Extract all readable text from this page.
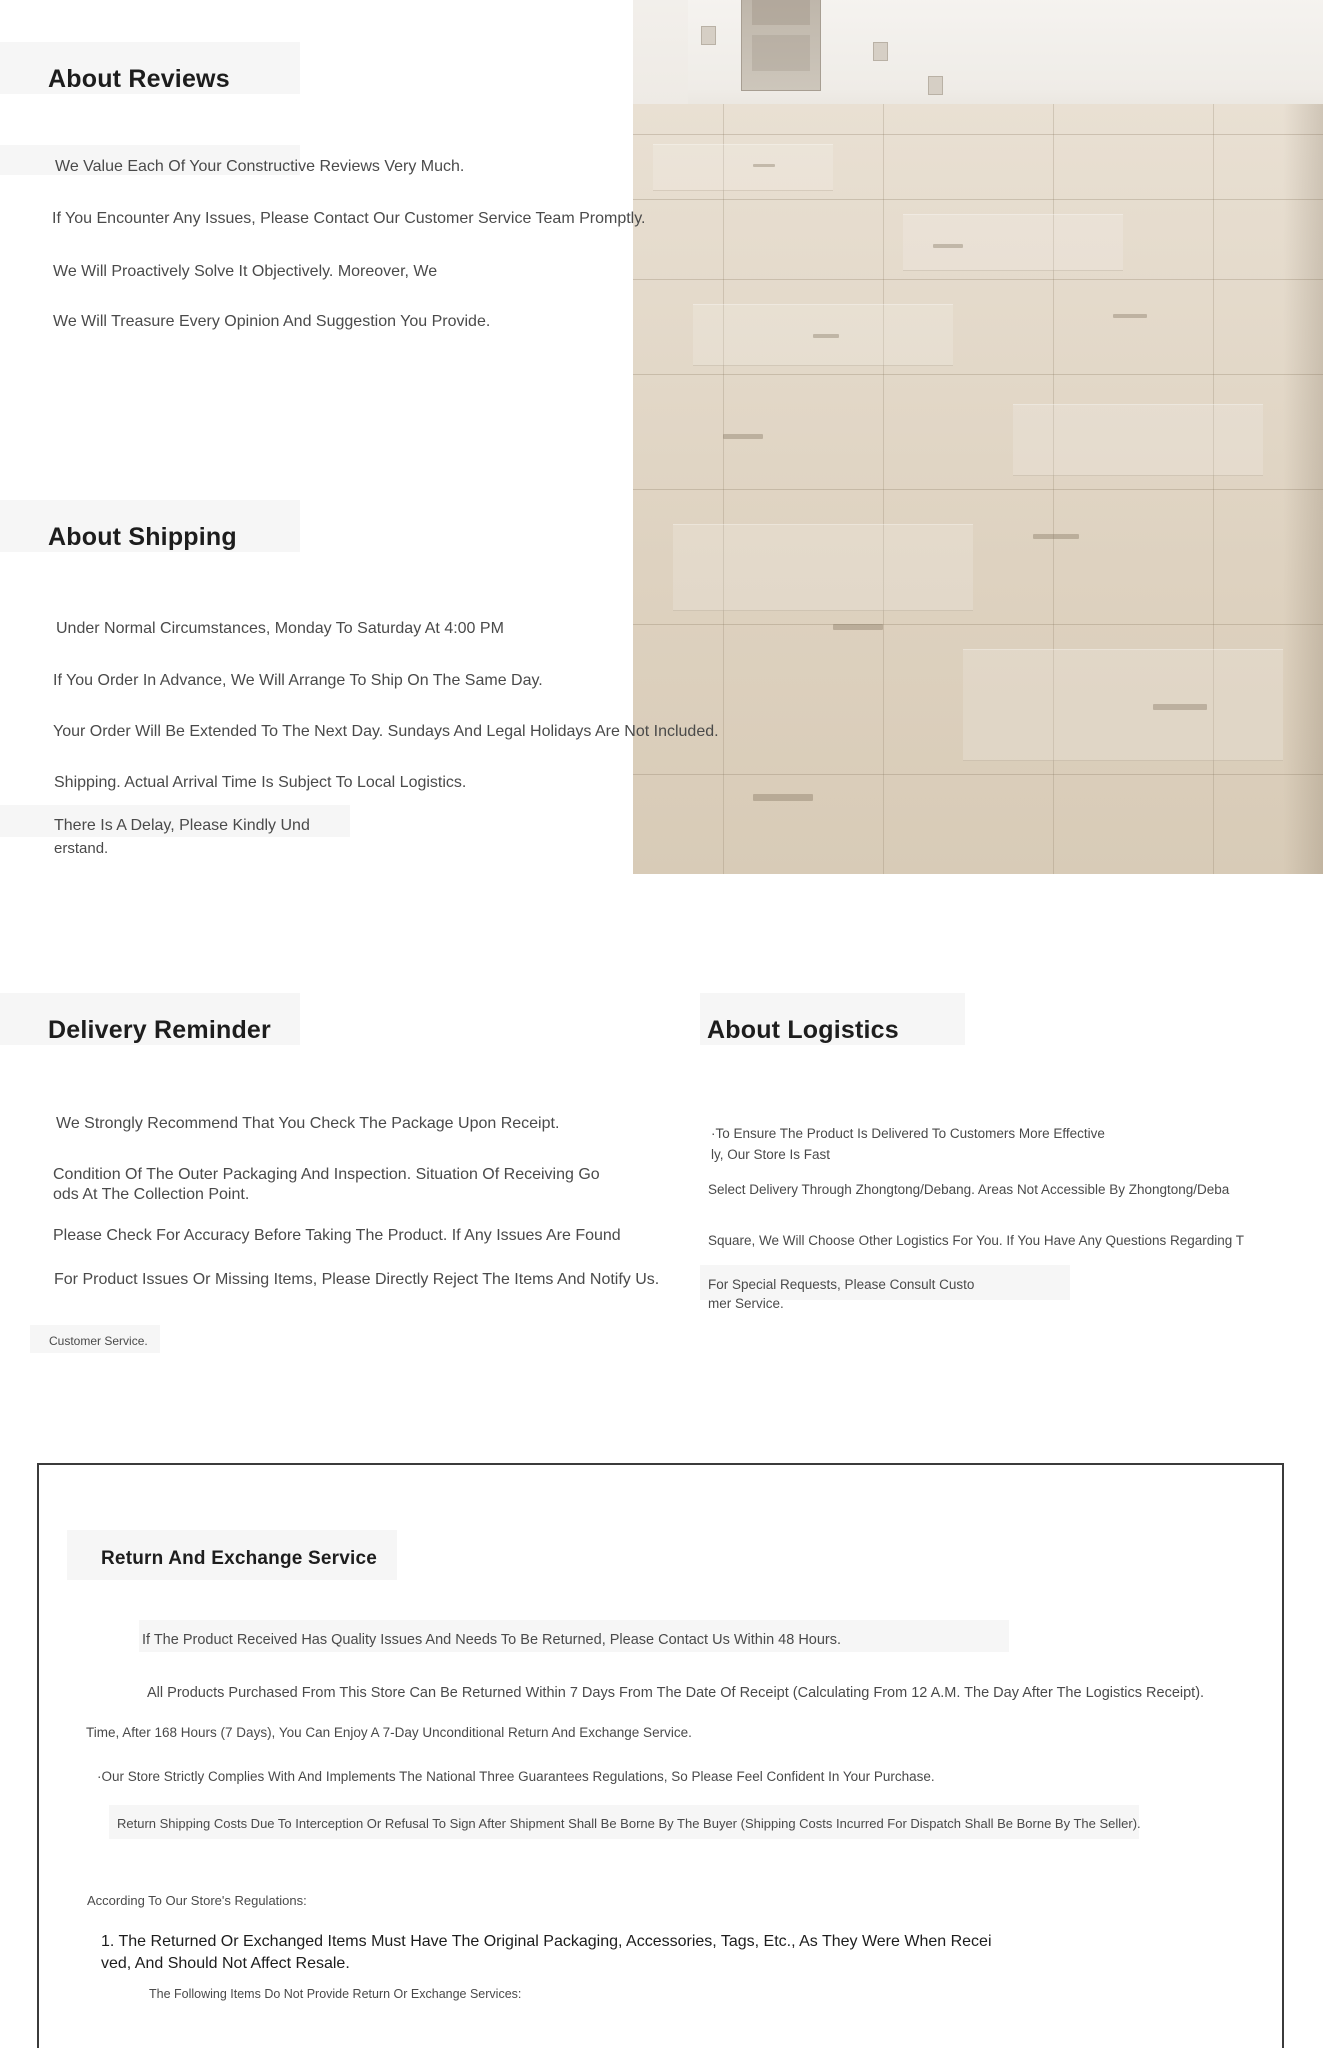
About Reviews
We Value Each Of Your Constructive Reviews Very Much.
If You Encounter Any Issues, Please Contact Our Customer Service Team Promptly.
We Will Proactively Solve It Objectively. Moreover, We
We Will Treasure Every Opinion And Suggestion You Provide.
About Shipping
Under Normal Circumstances, Monday To Saturday At 4:00 PM
If You Order In Advance, We Will Arrange To Ship On The Same Day.
Your Order Will Be Extended To The Next Day. Sundays And Legal Holidays Are Not Included.
Shipping. Actual Arrival Time Is Subject To Local Logistics.
There Is A Delay, Please Kindly Und
erstand.
Delivery Reminder
We Strongly Recommend That You Check The Package Upon Receipt.
Condition Of The Outer Packaging And Inspection. Situation Of Receiving Go
ods At The Collection Point.
Please Check For Accuracy Before Taking The Product. If Any Issues Are Found
For Product Issues Or Missing Items, Please Directly Reject The Items And Notify Us.
Customer Service.
About Logistics
·To Ensure The Product Is Delivered To Customers More Effective
ly, Our Store Is Fast
Select Delivery Through Zhongtong/Debang. Areas Not Accessible By Zhongtong/Deba
Square, We Will Choose Other Logistics For You. If You Have Any Questions Regarding T
For Special Requests, Please Consult Custo
mer Service.
Return And Exchange Service
If The Product Received Has Quality Issues And Needs To Be Returned, Please Contact Us Within 48 Hours.
All Products Purchased From This Store Can Be Returned Within 7 Days From The Date Of Receipt (Calculating From 12 A.M. The Day After The Logistics Receipt).
Time, After 168 Hours (7 Days), You Can Enjoy A 7-Day Unconditional Return And Exchange Service.
·Our Store Strictly Complies With And Implements The National Three Guarantees Regulations, So Please Feel Confident In Your Purchase.
Return Shipping Costs Due To Interception Or Refusal To Sign After Shipment Shall Be Borne By The Buyer (Shipping Costs Incurred For Dispatch Shall Be Borne By The Seller).
According To Our Store's Regulations:
1. The Returned Or Exchanged Items Must Have The Original Packaging, Accessories, Tags, Etc., As They Were When Recei
ved, And Should Not Affect Resale.
The Following Items Do Not Provide Return Or Exchange Services:
